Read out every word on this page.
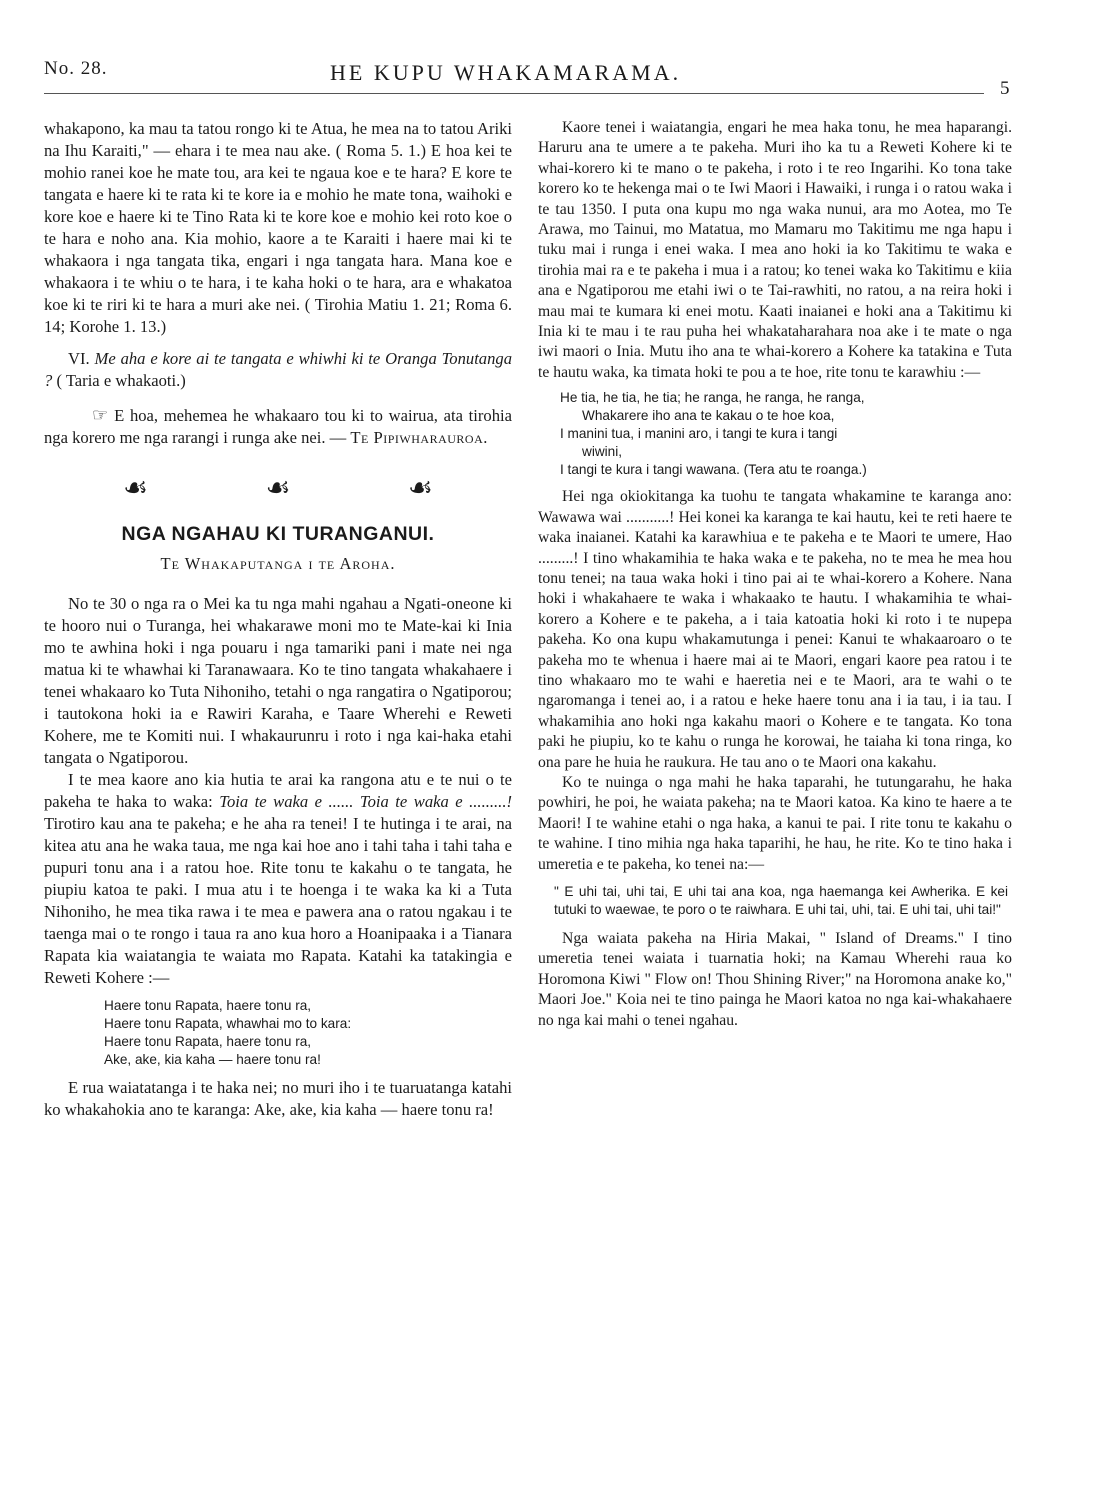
No. 28.	HE KUPU WHAKAMARAMA.
5

whakapono, ka mau ta tatou rongo ki te Atua, he mea na to tatou Ariki na Ihu Karaiti," — ehara i te mea nau ake. ( Roma 5. 1.) E hoa kei te mohio ranei koe he mate tou, ara kei te ngaua koe e te hara? E kore te tangata e haere ki te rata ki te kore ia e mohio he mate tona, waihoki e kore koe e haere ki te Tino Rata ki te kore koe e mohio kei roto koe o te hara e noho ana. Kia mohio, kaore a te Karaiti i haere mai ki te whakaora i nga tangata tika, engari i nga tangata hara. Mana koe e whakaora i te whiu o te hara, i te kaha hoki o te hara, ara e whakatoa koe ki te riri ki te hara a muri ake nei. ( Tirohia Matiu 1. 21; Roma 6. 14; Korohe 1. 13.)

VI. Me aha e kore ai te tangata e whiwhi ki te Oranga Tonutanga ? ( Taria e whakaoti.)

☞ E hoa, mehemea he whakaaro tou ki to wairua, ata tirohia nga korero me nga rarangi i runga ake nei. — Te Pipiwharauroa.

☙	☙	☙
NGA NGAHAU KI TURANGANUI.
Te Whakaputanga i te Aroha.

No te 30 o nga ra o Mei ka tu nga mahi ngahau a Ngati-oneone ki te hooro nui o Turanga, hei whakarawe moni mo te Mate-kai ki Inia mo te awhina hoki i nga pouaru i nga tamariki pani i mate nei nga matua ki te whawhai ki Taranawaara. Ko te tino tangata whakahaere i tenei whakaaro ko Tuta Nihoniho, tetahi o nga rangatira o Ngatiporou; i tautokona hoki ia e Rawiri Karaha, e Taare Wherehi e Reweti Kohere, me te Komiti nui. I whakaurunru i roto i nga kai-haka etahi tangata o Ngatiporou.

I te mea kaore ano kia hutia te arai ka rangona atu e te nui o te pakeha te haka to waka: Toia te waka e ...... Toia te waka e .........! Tirotiro kau ana te pakeha; e he aha ra tenei! I te hutinga i te arai, na kitea atu ana he waka taua, me nga kai hoe ano i tahi taha i tahi taha e pupuri tonu ana i a ratou hoe. Rite tonu te kakahu o te tangata, he piupiu katoa te paki. I mua atu i te hoenga i te waka ka ki a Tuta Nihoniho, he mea tika rawa i te mea e pawera ana o ratou ngakau i te taenga mai o te rongo i taua ra ano kua horo a Hoanipaaka i a Tianara Rapata kia waiatangia te waiata mo Rapata. Katahi ka tatakingia e Reweti Kohere :—

Haere tonu Rapata, haere tonu ra,
Haere tonu Rapata, whawhai mo to kara:
Haere tonu Rapata, haere tonu ra,
Ake, ake, kia kaha — haere tonu ra!

E rua waiatatanga i te haka nei; no muri iho i te tuaruatanga katahi ko whakahokia ano te karanga: Ake, ake, kia kaha — haere tonu ra!

Kaore tenei i waiatangia, engari he mea haka tonu, he mea haparangi. Haruru ana te umere a te pakeha. Muri iho ka tu a Reweti Kohere ki te whai-korero ki te mano o te pakeha, i roto i te reo Ingarihi. Ko tona take korero ko te hekenga mai o te Iwi Maori i Hawaiki, i runga i o ratou waka i te tau 1350. I puta ona kupu mo nga waka nunui, ara mo Aotea, mo Te Arawa, mo Tainui, mo Matatua, mo Mamaru mo Takitimu me nga hapu i tuku mai i runga i enei waka. I mea ano hoki ia ko Takitimu te waka e tirohia mai ra e te pakeha i mua i a ratou; ko tenei waka ko Takitimu e kiia ana e Ngatiporou me etahi iwi o te Tai-rawhiti, no ratou, a na reira hoki i mau mai te kumara ki enei motu. Kaati inaianei e hoki ana a Takitimu ki Inia ki te mau i te rau puha hei whakataharahara noa ake i te mate o nga iwi maori o Inia. Mutu iho ana te whai-korero a Kohere ka tatakina e Tuta te hautu waka, ka timata hoki te pou a te hoe, rite tonu te karawhiu :—

He tia, he tia, he tia; he ranga, he ranga, he ranga,
Whakarere iho ana te kakau o te hoe koa,
I manini tua, i manini aro, i tangi te kura i tangi
wiwini,
I tangi te kura i tangi wawana. (Tera atu te roanga.)

Hei nga okiokitanga ka tuohu te tangata whakamine te karanga ano: Wawawa wai ...........! Hei konei ka karanga te kai hautu, kei te reti haere te waka inaianei. Katahi ka karawhiua e te pakeha e te Maori te umere, Hao .........! I tino whakamihia te haka waka e te pakeha, no te mea he mea hou tonu tenei; na taua waka hoki i tino pai ai te whai-korero a Kohere. Nana hoki i whakahaere te waka i whakaako te hautu. I whakamihia te whai-korero a Kohere e te pakeha, a i taia katoatia hoki ki roto i te nupepa pakeha. Ko ona kupu whakamutunga i penei: Kanui te whakaaroaro o te pakeha mo te whenua i haere mai ai te Maori, engari kaore pea ratou i te tino whakaaro mo te wahi e haeretia nei e te Maori, ara te wahi o te ngaromanga i tenei ao, i a ratou e heke haere tonu ana i ia tau, i ia tau. I whakamihia ano hoki nga kakahu maori o Kohere e te tangata. Ko tona paki he piupiu, ko te kahu o runga he korowai, he taiaha ki tona ringa, ko ona pare he huia he raukura. He tau ano o te Maori ona kakahu.

Ko te nuinga o nga mahi he haka taparahi, he tutungarahu, he haka powhiri, he poi, he waiata pakeha; na te Maori katoa. Ka kino te haere a te Maori! I te wahine etahi o nga haka, a kanui te pai. I rite tonu te kakahu o te wahine. I tino mihia nga haka taparihi, he hau, he rite. Ko te tino haka i umeretia e te pakeha, ko tenei na:—

" E uhi tai, uhi tai, E uhi tai ana koa, nga haemanga kei Awherika. E kei tutuki to waewae, te poro o te raiwhara. E uhi tai, uhi, tai. E uhi tai, uhi tai!"

Nga waiata pakeha na Hiria Makai, " Island of Dreams." I tino umeretia tenei waiata i tuarnatia hoki; na Kamau Wherehi raua ko Horomona Kiwi " Flow on! Thou Shining River;" na Horomona anake ko," Maori Joe." Koia nei te tino painga he Maori katoa no nga kai-whakahaere no nga kai mahi o tenei ngahau.
